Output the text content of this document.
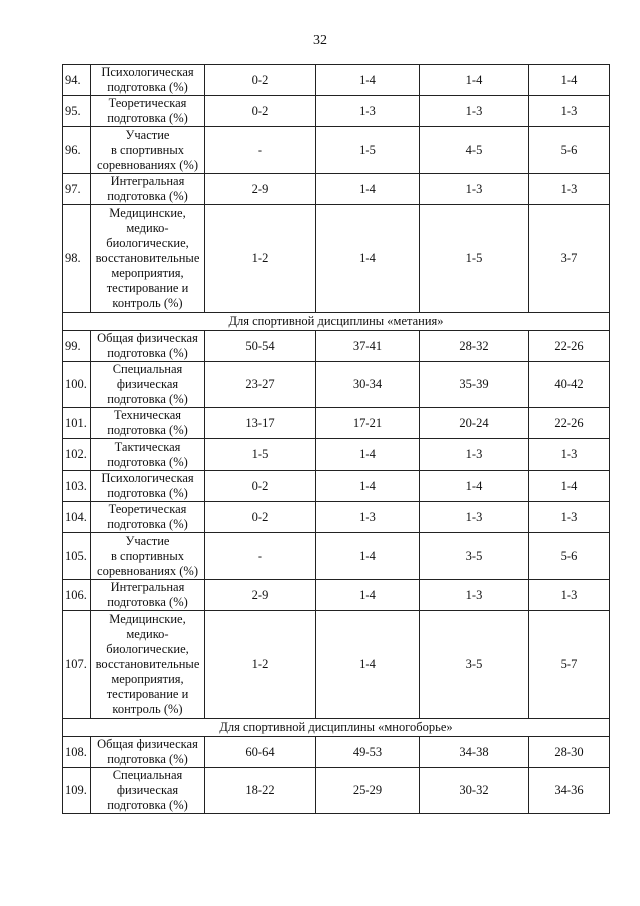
32
94.	Психологическая
подготовка (%)	0-2	1-4	1-4	1-4
95.	Теоретическая
подготовка (%)	0-2	1-3	1-3	1-3
96.	Участие
в спортивных
соревнованиях (%)	-	1-5	4-5	5-6
97.	Интегральная
подготовка (%)	2-9	1-4	1-3	1-3
98.	Медицинские, медико-биологические, восстановительные мероприятия, тестирование и контроль (%)	1-2	1-4	1-5	3-7
Для спортивной дисциплины «метания»					
99.	Общая физическая
подготовка (%)	50-54	37-41	28-32	22-26
100.	Специальная
физическая
подготовка (%)	23-27	30-34	35-39	40-42
101.	Техническая
подготовка (%)	13-17	17-21	20-24	22-26
102.	Тактическая
подготовка (%)	1-5	1-4	1-3	1-3
103.	Психологическая
подготовка (%)	0-2	1-4	1-4	1-4
104.	Теоретическая
подготовка (%)	0-2	1-3	1-3	1-3
105.	Участие
в спортивных
соревнованиях (%)	-	1-4	3-5	5-6
106.	Интегральная
подготовка (%)	2-9	1-4	1-3	1-3
107.	Медицинские, медико-биологические, восстановительные мероприятия, тестирование и контроль (%)	1-2	1-4	3-5	5-7
Для спортивной дисциплины «многоборье»					
108.	Общая физическая
подготовка (%)	60-64	49-53	34-38	28-30
109.	Специальная
физическая
подготовка (%)	18-22	25-29	30-32	34-36
